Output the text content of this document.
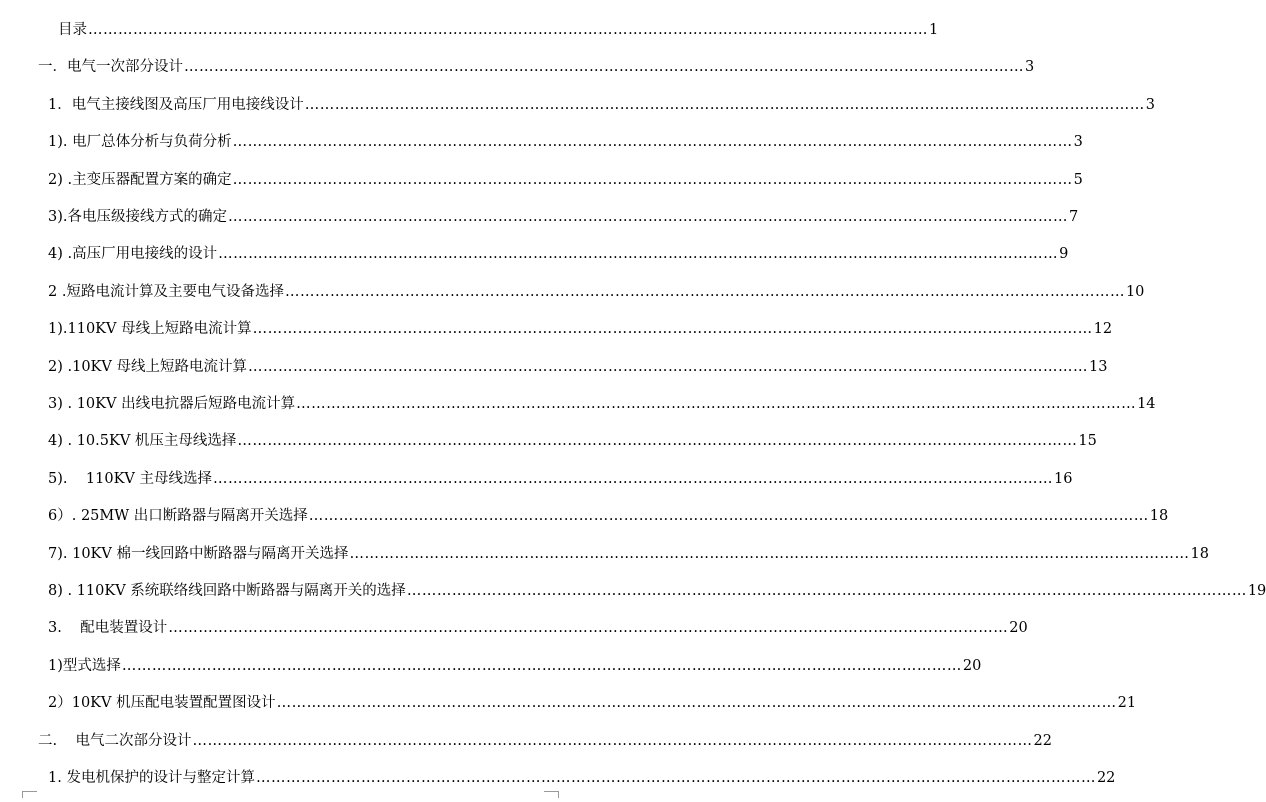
目录 …………………………………………………………………………………………………………………………………………………… 1
一．电气一次部分设计 …………………………………………………………………………………………………………………………………………………… 3
1．电气主接线图及高压厂用电接线设计 …………………………………………………………………………………………………………………………………………………… 3
1). 电厂总体分析与负荷分析 …………………………………………………………………………………………………………………………………………………… 3
2) .主变压器配置方案的确定 …………………………………………………………………………………………………………………………………………………… 5
3).各电压级接线方式的确定 …………………………………………………………………………………………………………………………………………………… 7
4) .高压厂用电接线的设计 …………………………………………………………………………………………………………………………………………………… 9
2 .短路电流计算及主要电气设备选择 …………………………………………………………………………………………………………………………………………………… 10
1).110KV 母线上短路电流计算 …………………………………………………………………………………………………………………………………………………… 12
2) .10KV 母线上短路电流计算 …………………………………………………………………………………………………………………………………………………… 13
3) . 10KV 出线电抗器后短路电流计算 …………………………………………………………………………………………………………………………………………………… 14
4) . 10.5KV 机压主母线选择 …………………………………………………………………………………………………………………………………………………… 15
5).    110KV 主母线选择 …………………………………………………………………………………………………………………………………………………… 16
6）. 25MW 出口断路器与隔离开关选择 …………………………………………………………………………………………………………………………………………………… 18
7). 10KV 棉一线回路中断路器与隔离开关选择 …………………………………………………………………………………………………………………………………………………… 18
8) . 110KV 系统联络线回路中断路器与隔离开关的选择 …………………………………………………………………………………………………………………………………………………… 19
3.    配电装置设计 …………………………………………………………………………………………………………………………………………………… 20
1)型式选择 …………………………………………………………………………………………………………………………………………………… 20
2）10KV 机压配电装置配置图设计 …………………………………………………………………………………………………………………………………………………… 21
二.    电气二次部分设计 …………………………………………………………………………………………………………………………………………………… 22
1. 发电机保护的设计与整定计算 …………………………………………………………………………………………………………………………………………………… 22
